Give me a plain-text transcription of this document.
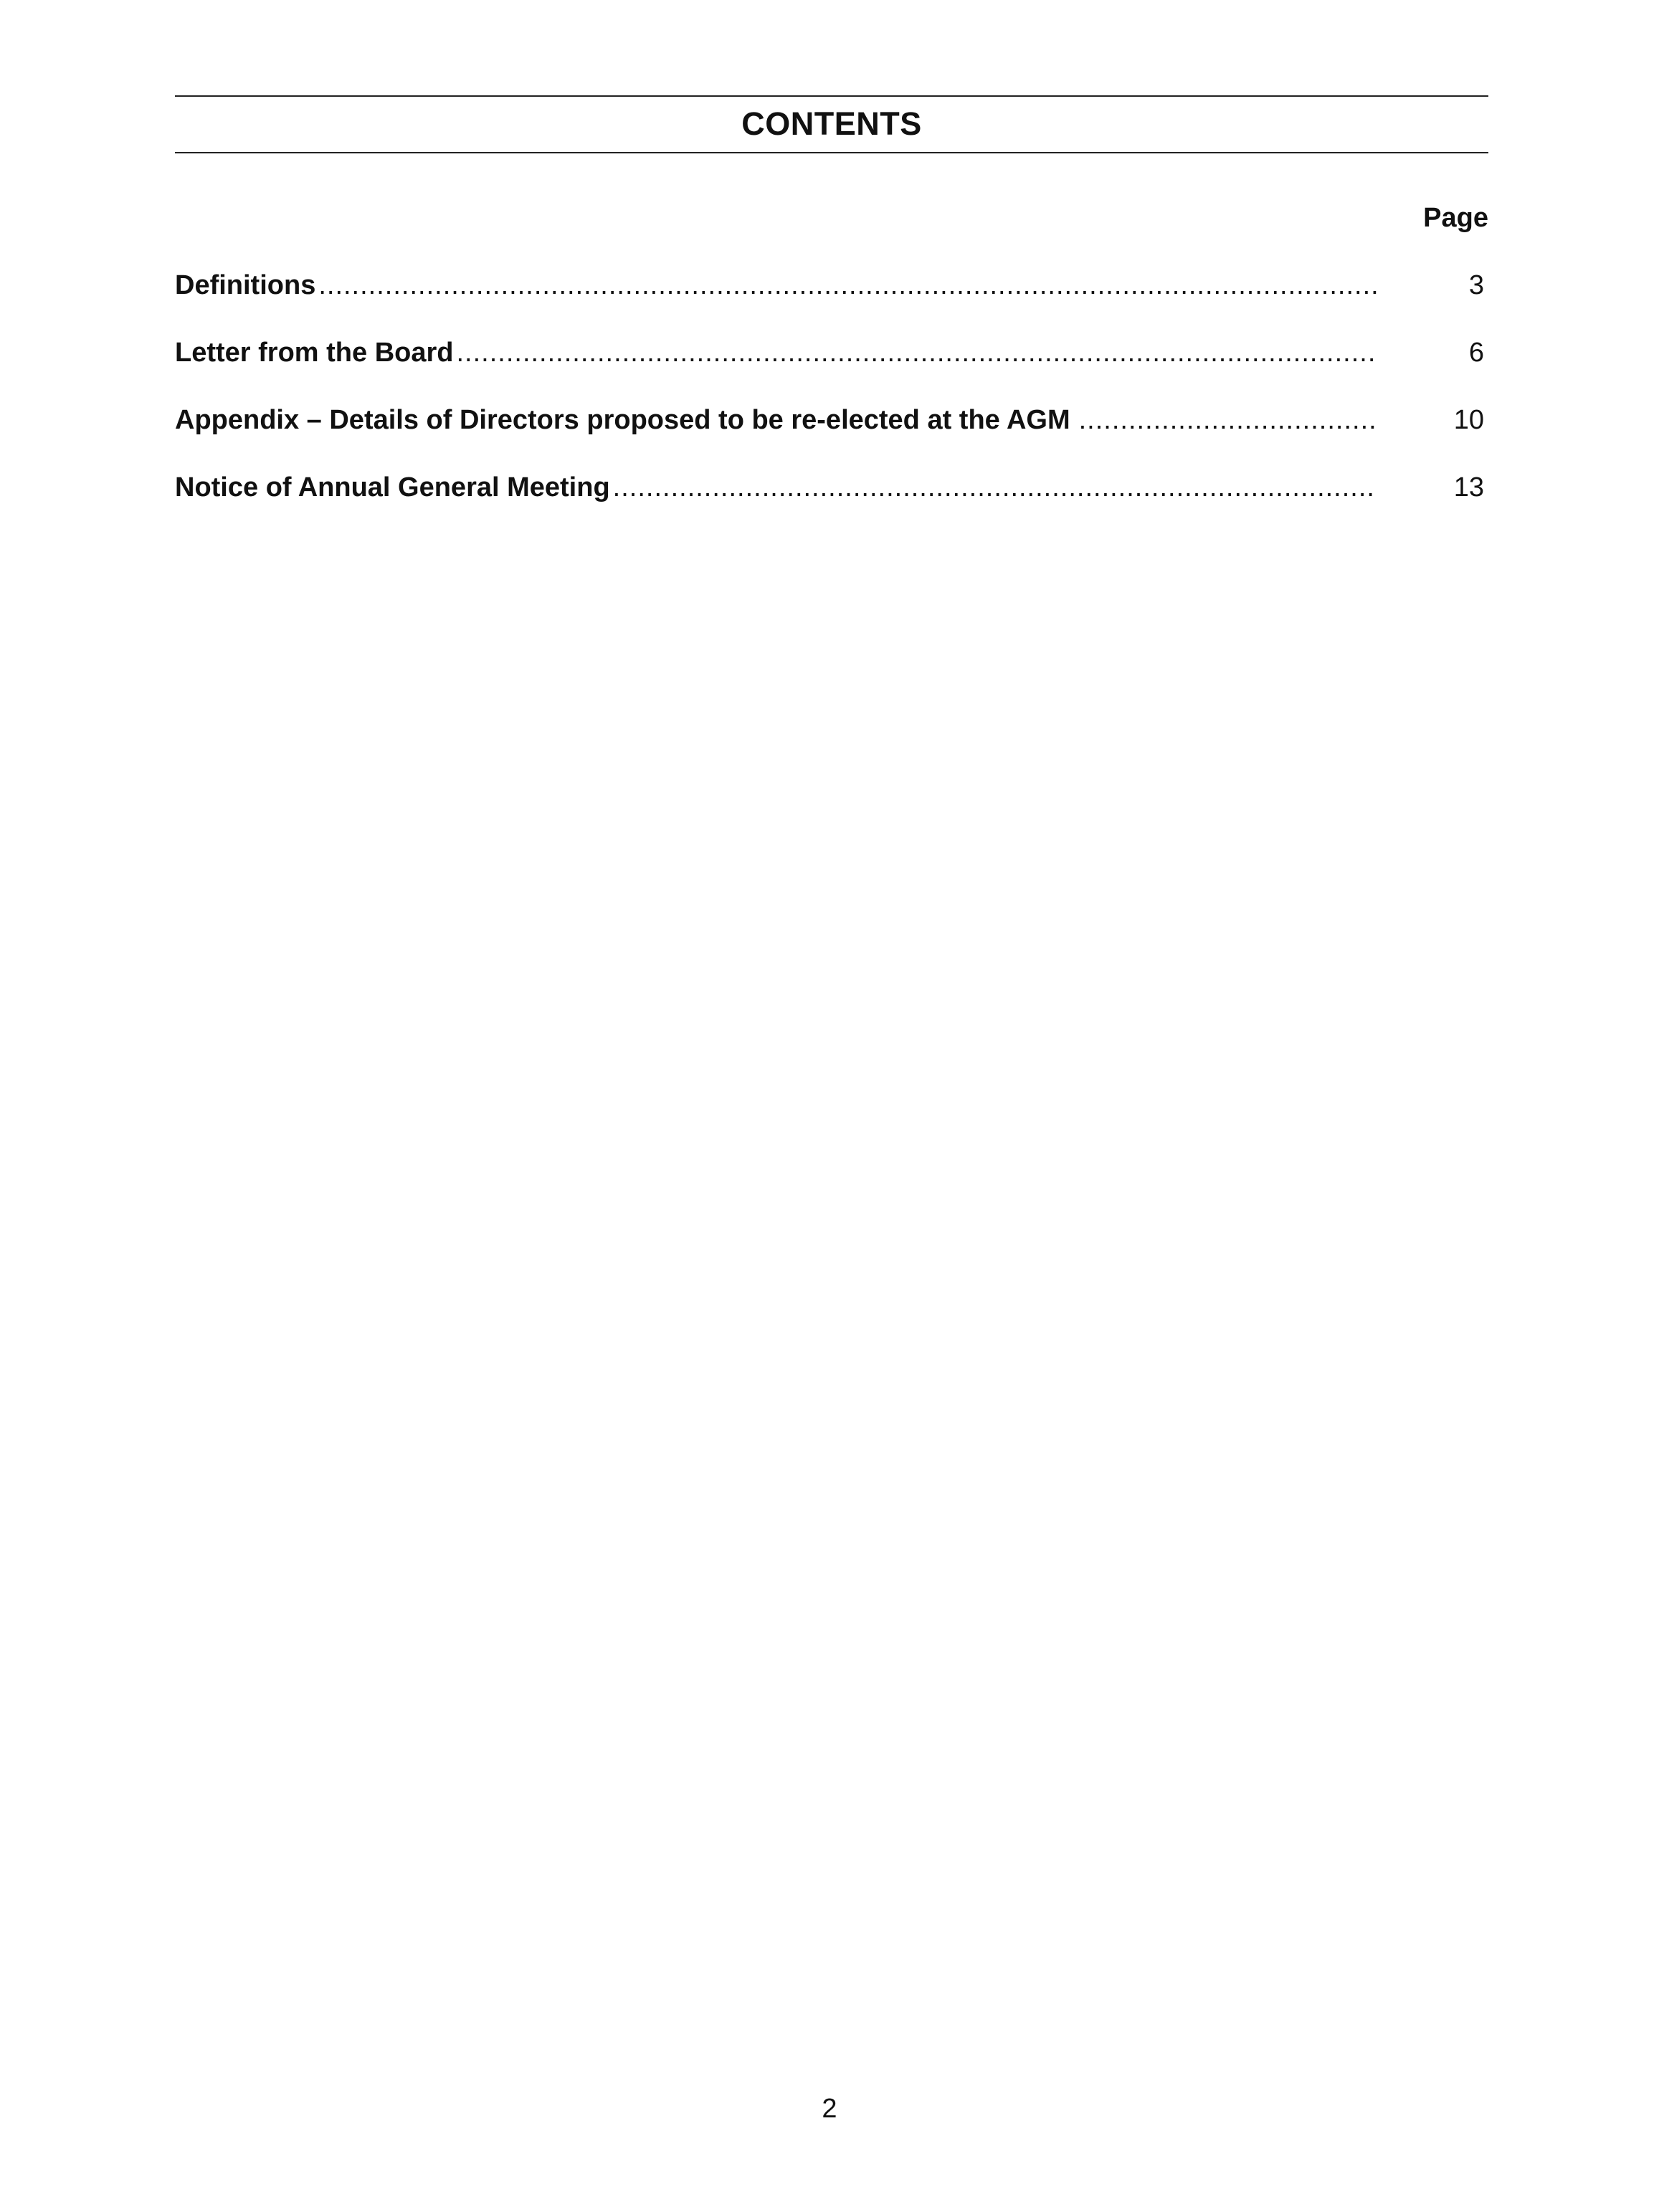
CONTENTS
Page
Definitions .....	3
Letter from the Board .....	6
Appendix – Details of Directors proposed to be re-elected at the AGM .....	10
Notice of Annual General Meeting .....	13
2
